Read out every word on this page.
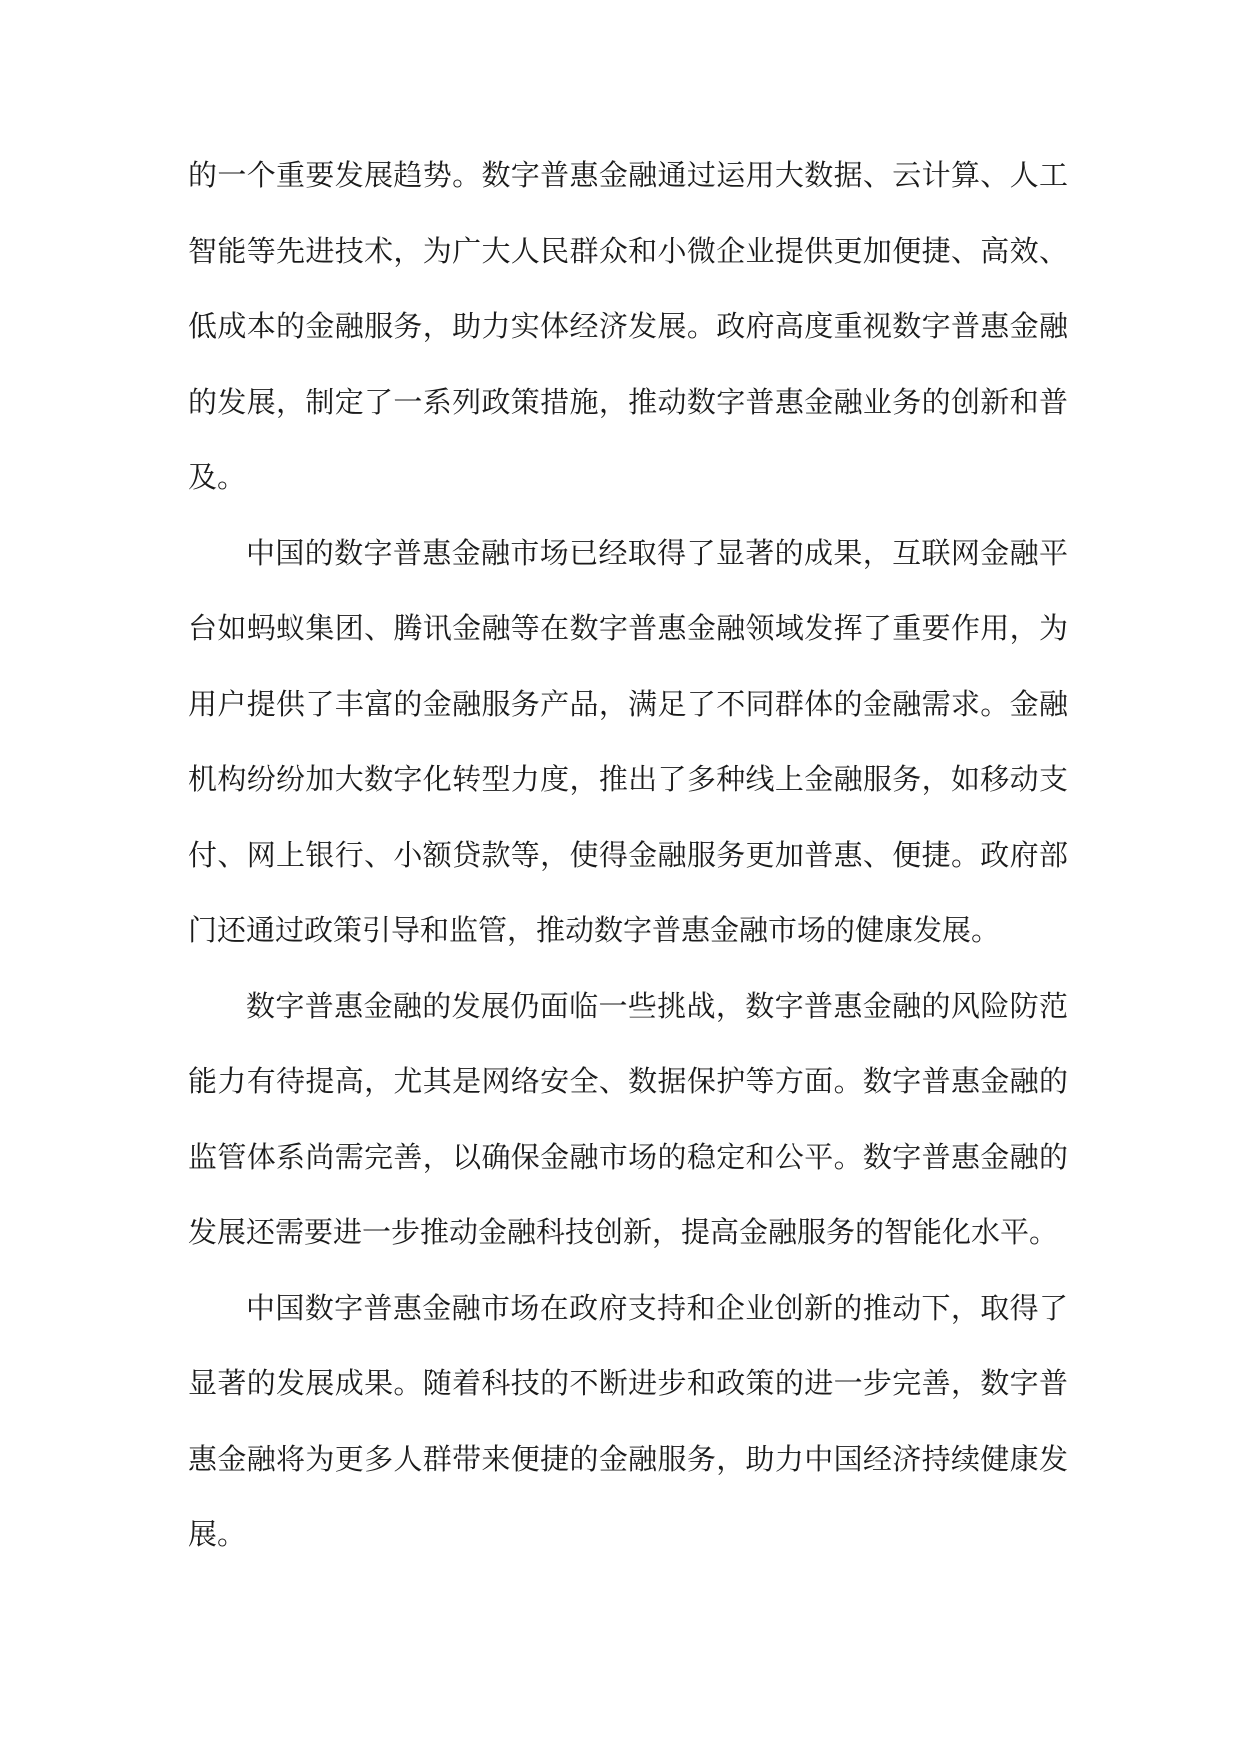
的一个重要发展趋势。数字普惠金融通过运用大数据、云计算、人工智能等先进技术，为广大人民群众和小微企业提供更加便捷、高效、低成本的金融服务，助力实体经济发展。政府高度重视数字普惠金融的发展，制定了一系列政策措施，推动数字普惠金融业务的创新和普及。

中国的数字普惠金融市场已经取得了显著的成果，互联网金融平台如蚂蚁集团、腾讯金融等在数字普惠金融领域发挥了重要作用，为用户提供了丰富的金融服务产品，满足了不同群体的金融需求。金融机构纷纷加大数字化转型力度，推出了多种线上金融服务，如移动支付、网上银行、小额贷款等，使得金融服务更加普惠、便捷。政府部门还通过政策引导和监管，推动数字普惠金融市场的健康发展。

数字普惠金融的发展仍面临一些挑战，数字普惠金融的风险防范能力有待提高，尤其是网络安全、数据保护等方面。数字普惠金融的监管体系尚需完善，以确保金融市场的稳定和公平。数字普惠金融的发展还需要进一步推动金融科技创新，提高金融服务的智能化水平。

中国数字普惠金融市场在政府支持和企业创新的推动下，取得了显著的发展成果。随着科技的不断进步和政策的进一步完善，数字普惠金融将为更多人群带来便捷的金融服务，助力中国经济持续健康发展。
